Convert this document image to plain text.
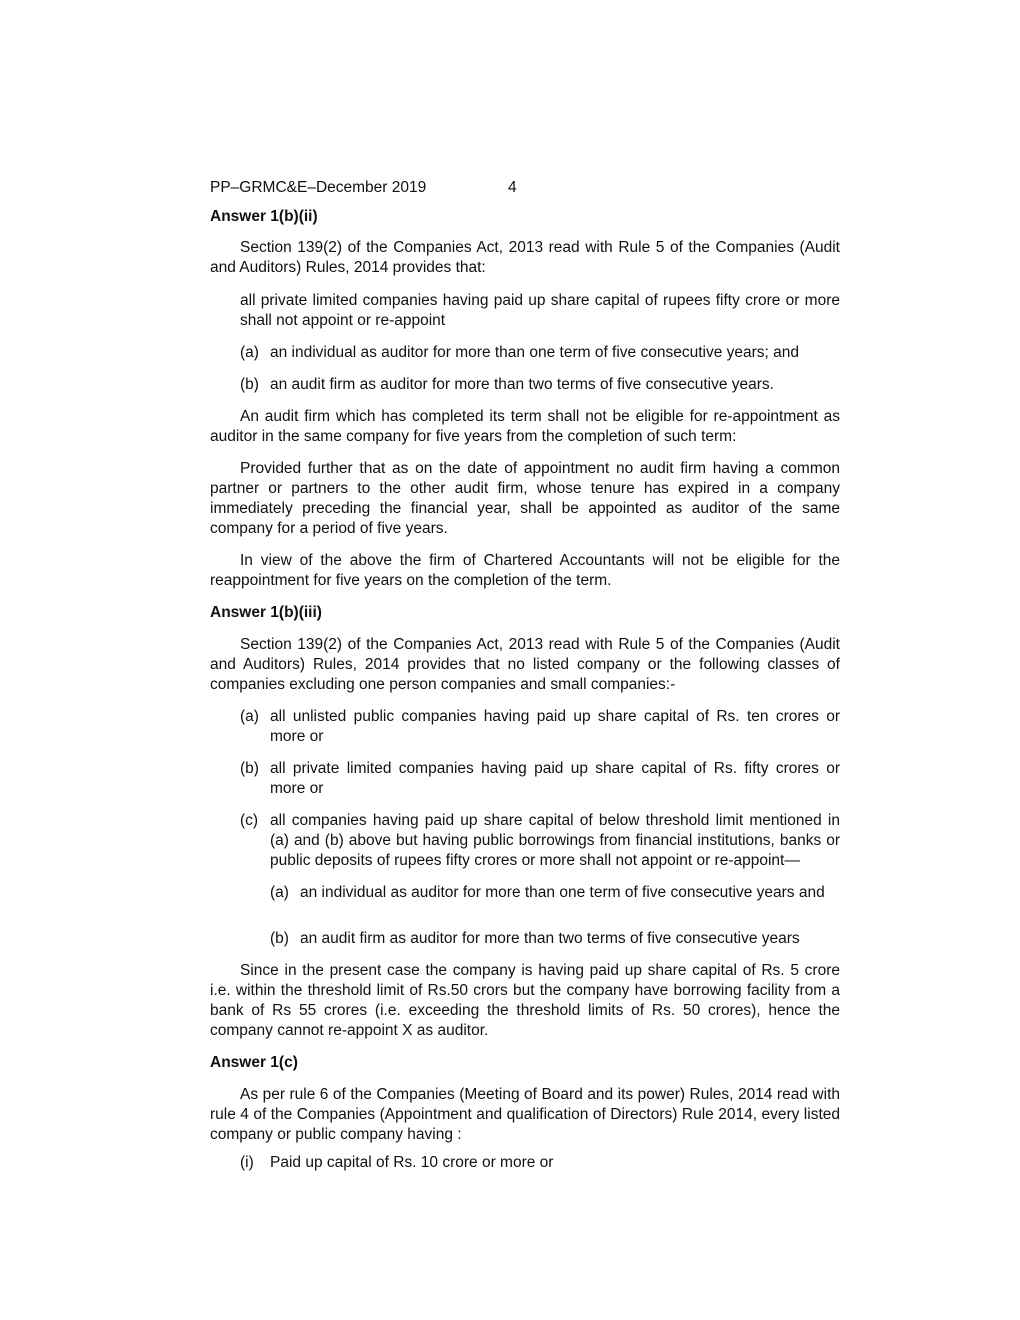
PP–GRMC&E–December 2019	4
Answer 1(b)(ii)
Section 139(2) of the Companies Act, 2013 read with Rule 5 of the Companies (Audit and Auditors) Rules, 2014 provides that:
all private limited companies having paid up share capital of rupees fifty crore or more shall not appoint or re-appoint
(a) an individual as auditor for more than one term of five consecutive years; and
(b) an audit firm as auditor for more than two terms of five consecutive years.
An audit firm which has completed its term shall not be eligible for re-appointment as auditor in the same company for five years from the completion of such term:
Provided further that as on the date of appointment no audit firm having a common partner or partners to the other audit firm, whose tenure has expired in a company immediately preceding the financial year, shall be appointed as auditor of the same company for a period of five years.
In view of the above the firm of Chartered Accountants will not be eligible for the reappointment for five years on the completion of the term.
Answer 1(b)(iii)
Section 139(2) of the Companies Act, 2013 read with Rule 5 of the Companies (Audit and Auditors) Rules, 2014 provides that no listed company or the following classes of companies excluding one person companies and small companies:-
(a) all unlisted public companies having paid up share capital of Rs. ten crores or more or
(b) all private limited companies having paid up share capital of Rs. fifty crores or more or
(c) all companies having paid up share capital of below threshold limit mentioned in (a) and (b) above but having public borrowings from financial institutions, banks or public deposits of rupees fifty crores or more shall not appoint or re-appoint—
(a) an individual as auditor for more than one term of five consecutive years and
(b) an audit firm as auditor for more than two terms of five consecutive years
Since in the present case the company is having paid up share capital of Rs. 5 crore i.e. within the threshold limit of Rs.50 crors but the company have borrowing facility from a bank of Rs 55 crores (i.e. exceeding the threshold limits of Rs. 50 crores), hence the company cannot re-appoint X as auditor.
Answer 1(c)
As per rule 6 of the Companies (Meeting of Board and its power) Rules, 2014 read with rule 4 of the Companies (Appointment and qualification of Directors) Rule 2014, every listed company or public company having :
(i) Paid up capital of Rs. 10 crore or more or
